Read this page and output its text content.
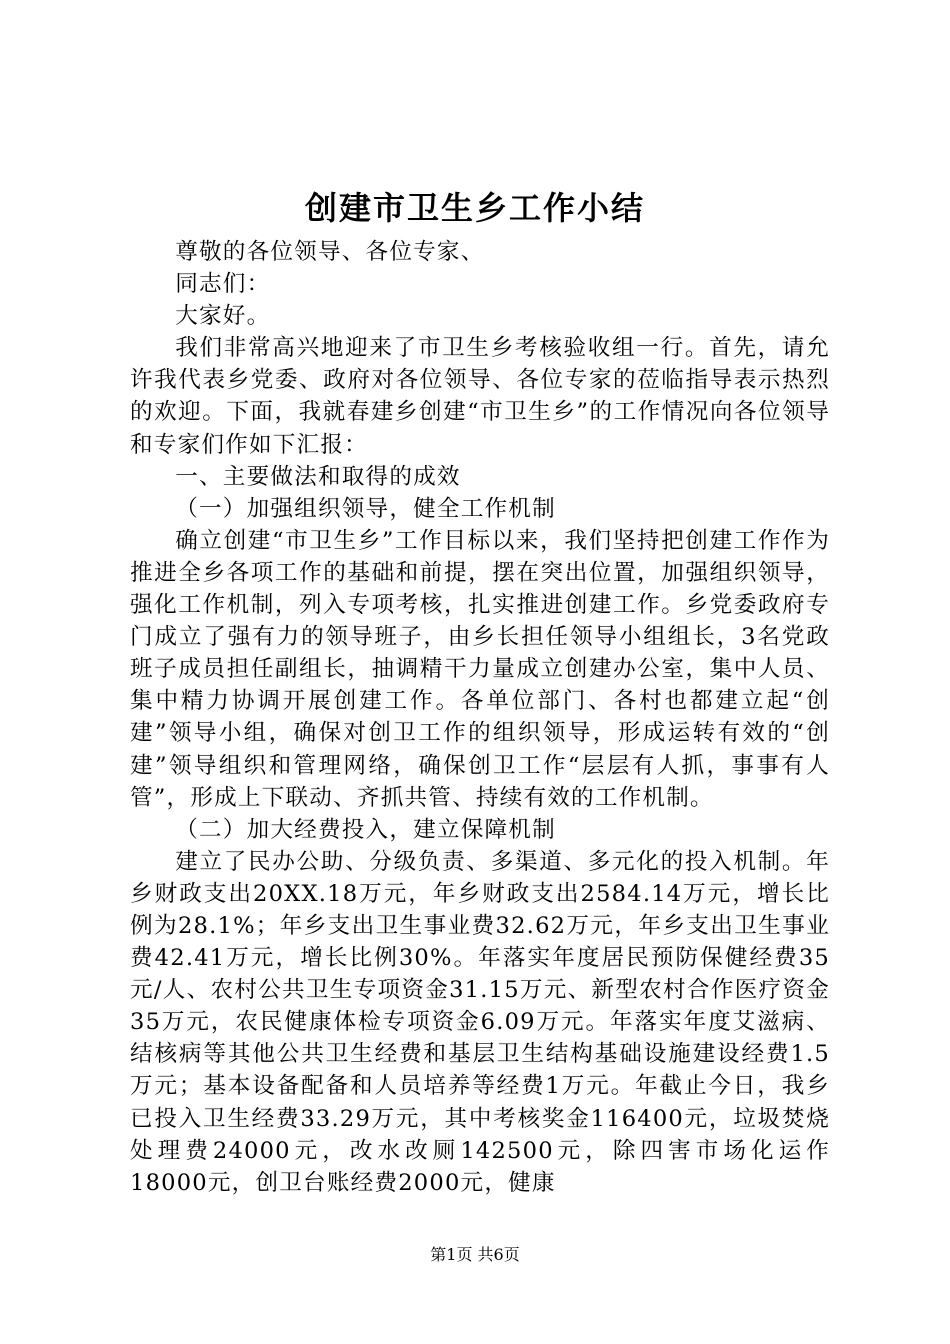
创建市卫生乡工作小结

尊敬的各位领导、各位专家、

同志们：

大家好。

我们非常高兴地迎来了市卫生乡考核验收组一行。首先，请允许我代表乡党委、政府对各位领导、各位专家的莅临指导表示热烈的欢迎。下面，我就春建乡创建“市卫生乡”的工作情况向各位领导和专家们作如下汇报：

一、主要做法和取得的成效

（一）加强组织领导，健全工作机制

确立创建“市卫生乡”工作目标以来，我们坚持把创建工作作为推进全乡各项工作的基础和前提，摆在突出位置，加强组织领导，强化工作机制，列入专项考核，扎实推进创建工作。乡党委政府专门成立了强有力的领导班子，由乡长担任领导小组组长，3名党政班子成员担任副组长，抽调精干力量成立创建办公室，集中人员、集中精力协调开展创建工作。各单位部门、各村也都建立起“创建”领导小组，确保对创卫工作的组织领导，形成运转有效的“创建”领导组织和管理网络，确保创卫工作“层层有人抓，事事有人管”，形成上下联动、齐抓共管、持续有效的工作机制。

（二）加大经费投入，建立保障机制

建立了民办公助、分级负责、多渠道、多元化的投入机制。年乡财政支出20XX.18万元，年乡财政支出2584.14万元，增长比例为28.1%；年乡支出卫生事业费32.62万元，年乡支出卫生事业费42.41万元，增长比例30%。年落实年度居民预防保健经费35元/人、农村公共卫生专项资金31.15万元、新型农村合作医疗资金35万元，农民健康体检专项资金6.09万元。年落实年度艾滋病、结核病等其他公共卫生经费和基层卫生结构基础设施建设经费1.5万元；基本设备配备和人员培养等经费1万元。年截止今日，我乡已投入卫生经费33.29万元，其中考核奖金116400元，垃圾焚烧处理费24000元，改水改厕142500元，除四害市场化运作18000元，创卫台账经费2000元，健康

第1页 共6页
